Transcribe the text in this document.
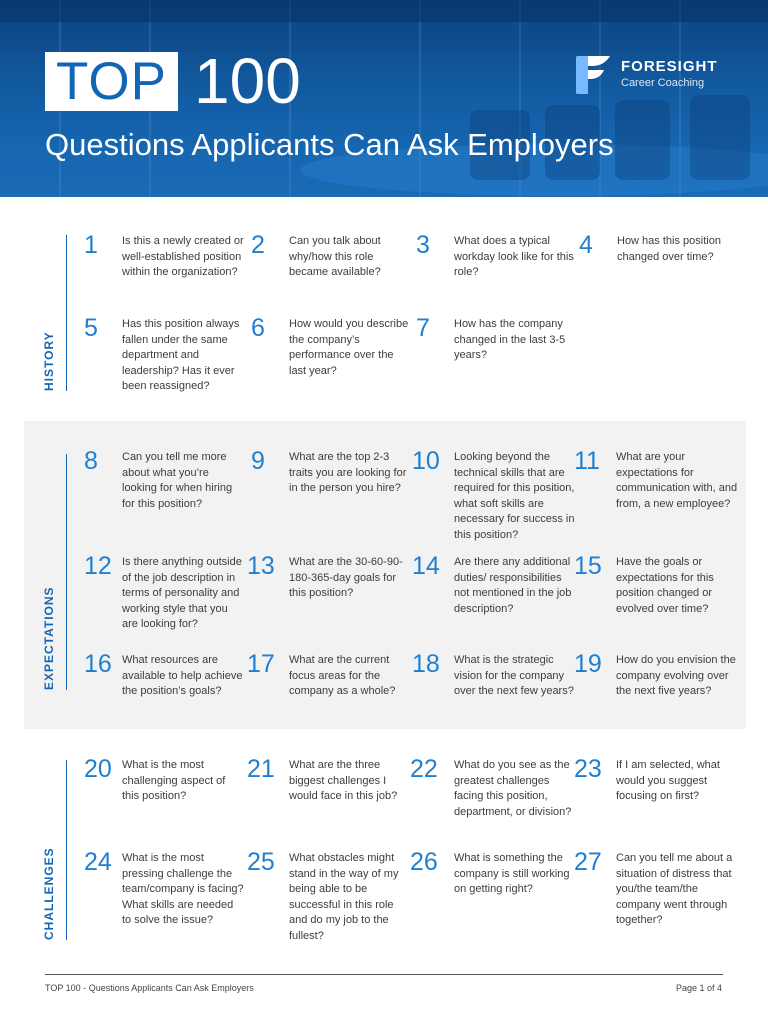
TOP 100
Questions Applicants Can Ask Employers
FORESIGHT
Career Coaching
HISTORY
1 Is this a newly created or well-established position within the organization?
2 Can you talk about why/how this role became available?
3 What does a typical workday look like for this role?
4 How has this position changed over time?
5 Has this position always fallen under the same department and leadership? Has it ever been reassigned?
6 How would you describe the company’s performance over the last year?
7 How has the company changed in the last 3-5 years?
EXPECTATIONS
8 Can you tell me more about what you’re looking for when hiring for this position?
9 What are the top 2-3 traits you are looking for in the person you hire?
10 Looking beyond the technical skills that are required for this position, what soft skills are necessary for success in this position?
11 What are your expectations for communication with, and from, a new employee?
12 Is there anything outside of the job description in terms of personality and working style that you are looking for?
13 What are the 30-60-90-180-365-day goals for this position?
14 Are there any additional duties/ responsibilities not mentioned in the job description?
15 Have the goals or expectations for this position changed or evolved over time?
16 What resources are available to help achieve the position’s goals?
17 What are the current focus areas for the company as a whole?
18 What is the strategic vision for the company over the next few years?
19 How do you envision the company evolving over the next five years?
CHALLENGES
20 What is the most challenging aspect of this position?
21 What are the three biggest challenges I would face in this job?
22 What do you see as the greatest challenges facing this position, department, or division?
23 If I am selected, what would you suggest focusing on first?
24 What is the most pressing challenge the team/company is facing? What skills are needed to solve the issue?
25 What obstacles might stand in the way of my being able to be successful in this role and do my job to the fullest?
26 What is something the company is still working on getting right?
27 Can you tell me about a situation of distress that you/the team/the company went through together?
TOP 100 - Questions Applicants Can Ask Employers	Page 1 of 4
